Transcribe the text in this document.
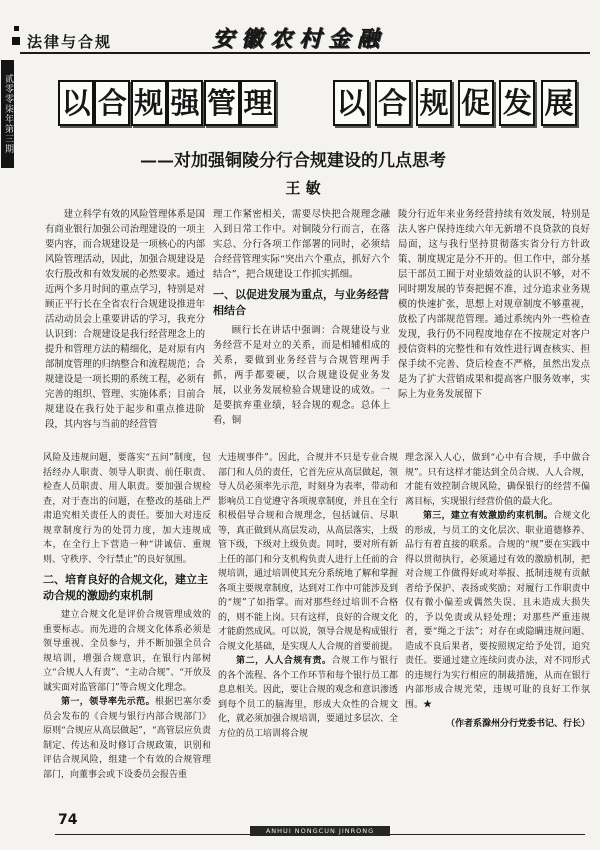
法律与合规	安徽农村金融
贰零零柒年第三期 以 合 规 强 管 理 以 合 规 促 发 展
——对加强铜陵分行合规建设的几点思考
王 敏

建立科学有效的风险管理体系是国有商业银行加强公司治理建设的一项主要内容，而合规建设是一项核心的内部风险管理活动，因此，加强合规建设是农行股改和有效发展的必然要求。通过近两个多月时间的重点学习，特别是对顾正平行长在全省农行合规建设推进年活动动员会上重要讲话的学习，我充分认识到：合规建设是我行经营理念上的提升和管理方法的精细化，是对原有内部制度管理的归纳整合和流程规范；合规建设是一项长期的系统工程，必须有完善的组织、管理、实施体系；目前合规建设在我行处于起步和重点推进阶段，其内容与当前的经营管

理工作紧密相关，需要尽快把合规理念融入到日常工作中。对铜陵分行而言，在落实总、分行各项工作部署的同时，必须结合经营管理实际“突出六个重点，抓好六个结合”，把合规建设工作抓实抓细。

一、以促进发展为重点，与业务经营相结合

顾行长在讲话中强调：合规建设与业务经营不是对立的关系，而是相辅相成的关系，要做到业务经营与合规管理两手抓，两手都要硬，以合规建设促业务发展，以业务发展检验合规建设的成效。一是要摈弃重业绩，轻合规的观念。总体上看，铜

陵分行近年来业务经营持续有效发展，特别是法人客户保持连续六年无新增不良贷款的良好局面，这与我行坚持贯彻落实省分行方针政策、制度规定是分不开的。但工作中，部分基层干部员工囿于对业绩效益的认识不够，对不同时期发展的节奏把握不准，过分追求业务规模的快速扩张，思想上对规章制度不够重视，放松了内部规范管理。通过系统内外一些检查发现，我行仍不同程度地存在不按规定对客户授信资料的完整性和有效性进行调查核实、担保手续不完善、贷后检查不严格，虽然出发点是为了扩大营销成果和提高客户服务效率，实际上为业务发展留下

风险及违规问题，要落实“五问”制度，包括经办人职责、领导人职责、前任职责、检查人员职责、用人职责。要加强合规检查，对于查出的问题，在整改的基础上严肃追究相关责任人的责任。要加大对违反规章制度行为的处罚力度，加大违规成本，在全行上下营造一种“讲诚信、重规则、守秩序、令行禁止”的良好氛围。

二、培育良好的合规文化，建立主动合规的激励约束机制

建立合规文化是评价合规管理成效的重要标志。而先进的合规文化体系必须是领导重视、全员参与，并不断加强全员合规培训，增强合规意识，在银行内部树立“合规人人有责”、“主动合规”、“开放及诚实面对监管部门”等合规文化理念。

第一，领导率先示范。根据巴塞尔委员会发布的《合规与银行内部合规部门》原则“合规应从高层做起”，“高管层应负责制定、传达和及时修订合规政策，识别和评估合规风险，组建一个有效的合规管理部门，向董事会或下设委员会报告重

大违规事件”。因此，合规并不只是专业合规部门和人员的责任，它首先应从高层做起，领导人员必须率先示范，时刻身为表率，带动和影响员工自觉遵守各项规章制度，并且在全行积极倡导合规和合规理念，包括诚信、尽职等，真正做到从高层发动，从高层落实，上级管下级，下级对上级负责。同时，要对所有新上任的部门和分支机构负责人进行上任前的合规培训，通过培训使其充分系统地了解和掌握各项主要规章制度，达到对工作中可能涉及到的“规”了如指掌。而对那些经过培训不合格的，则不能上岗。只有这样，良好的合规文化才能蔚然成风。可以说，领导合规是构成银行合规文化基础，是实现人人合规的首要前提。

第二，人人合规有责。合规工作与银行的各个流程、各个工作环节和每个银行员工都息息相关。因此，要让合规的观念和意识渗透到每个员工的脑海里，形成大众性的合规文化，就必须加强合规培训，要通过多层次、全方位的员工培训将合规

理念深入人心，做到“心中有合规，手中做合规”。只有这样才能达到全员合规、人人合规，才能有效控制合规风险，确保银行的经营不偏离目标，实现银行经营价值的最大化。

第三，建立有效激励约束机制。合规文化的形成，与员工的文化层次、职业道德修养、品行有着直接的联系。合规的“规”要在实践中得以贯彻执行，必须通过有效的激励机制，把对合规工作做得好或对举报、抵制违规有贡献者给予保护、表扬或奖励；对履行工作职责中仅有微小偏差或偶然失误、且未造成大损失的，予以免责或从轻处理；对那些严重违规者，要“绳之于法”；对存在或隐瞒违规问题、造成不良后果者，要按照规定给予处罚，追究责任。要通过建立连续问责办法，对不同形式的违规行为实行相应的制裁措施，从而在银行内部形成合规光荣，违规可耻的良好工作氛围。★

（作者系滁州分行党委书记、行长）

74
ANHUI NONGCUN JINRONG
